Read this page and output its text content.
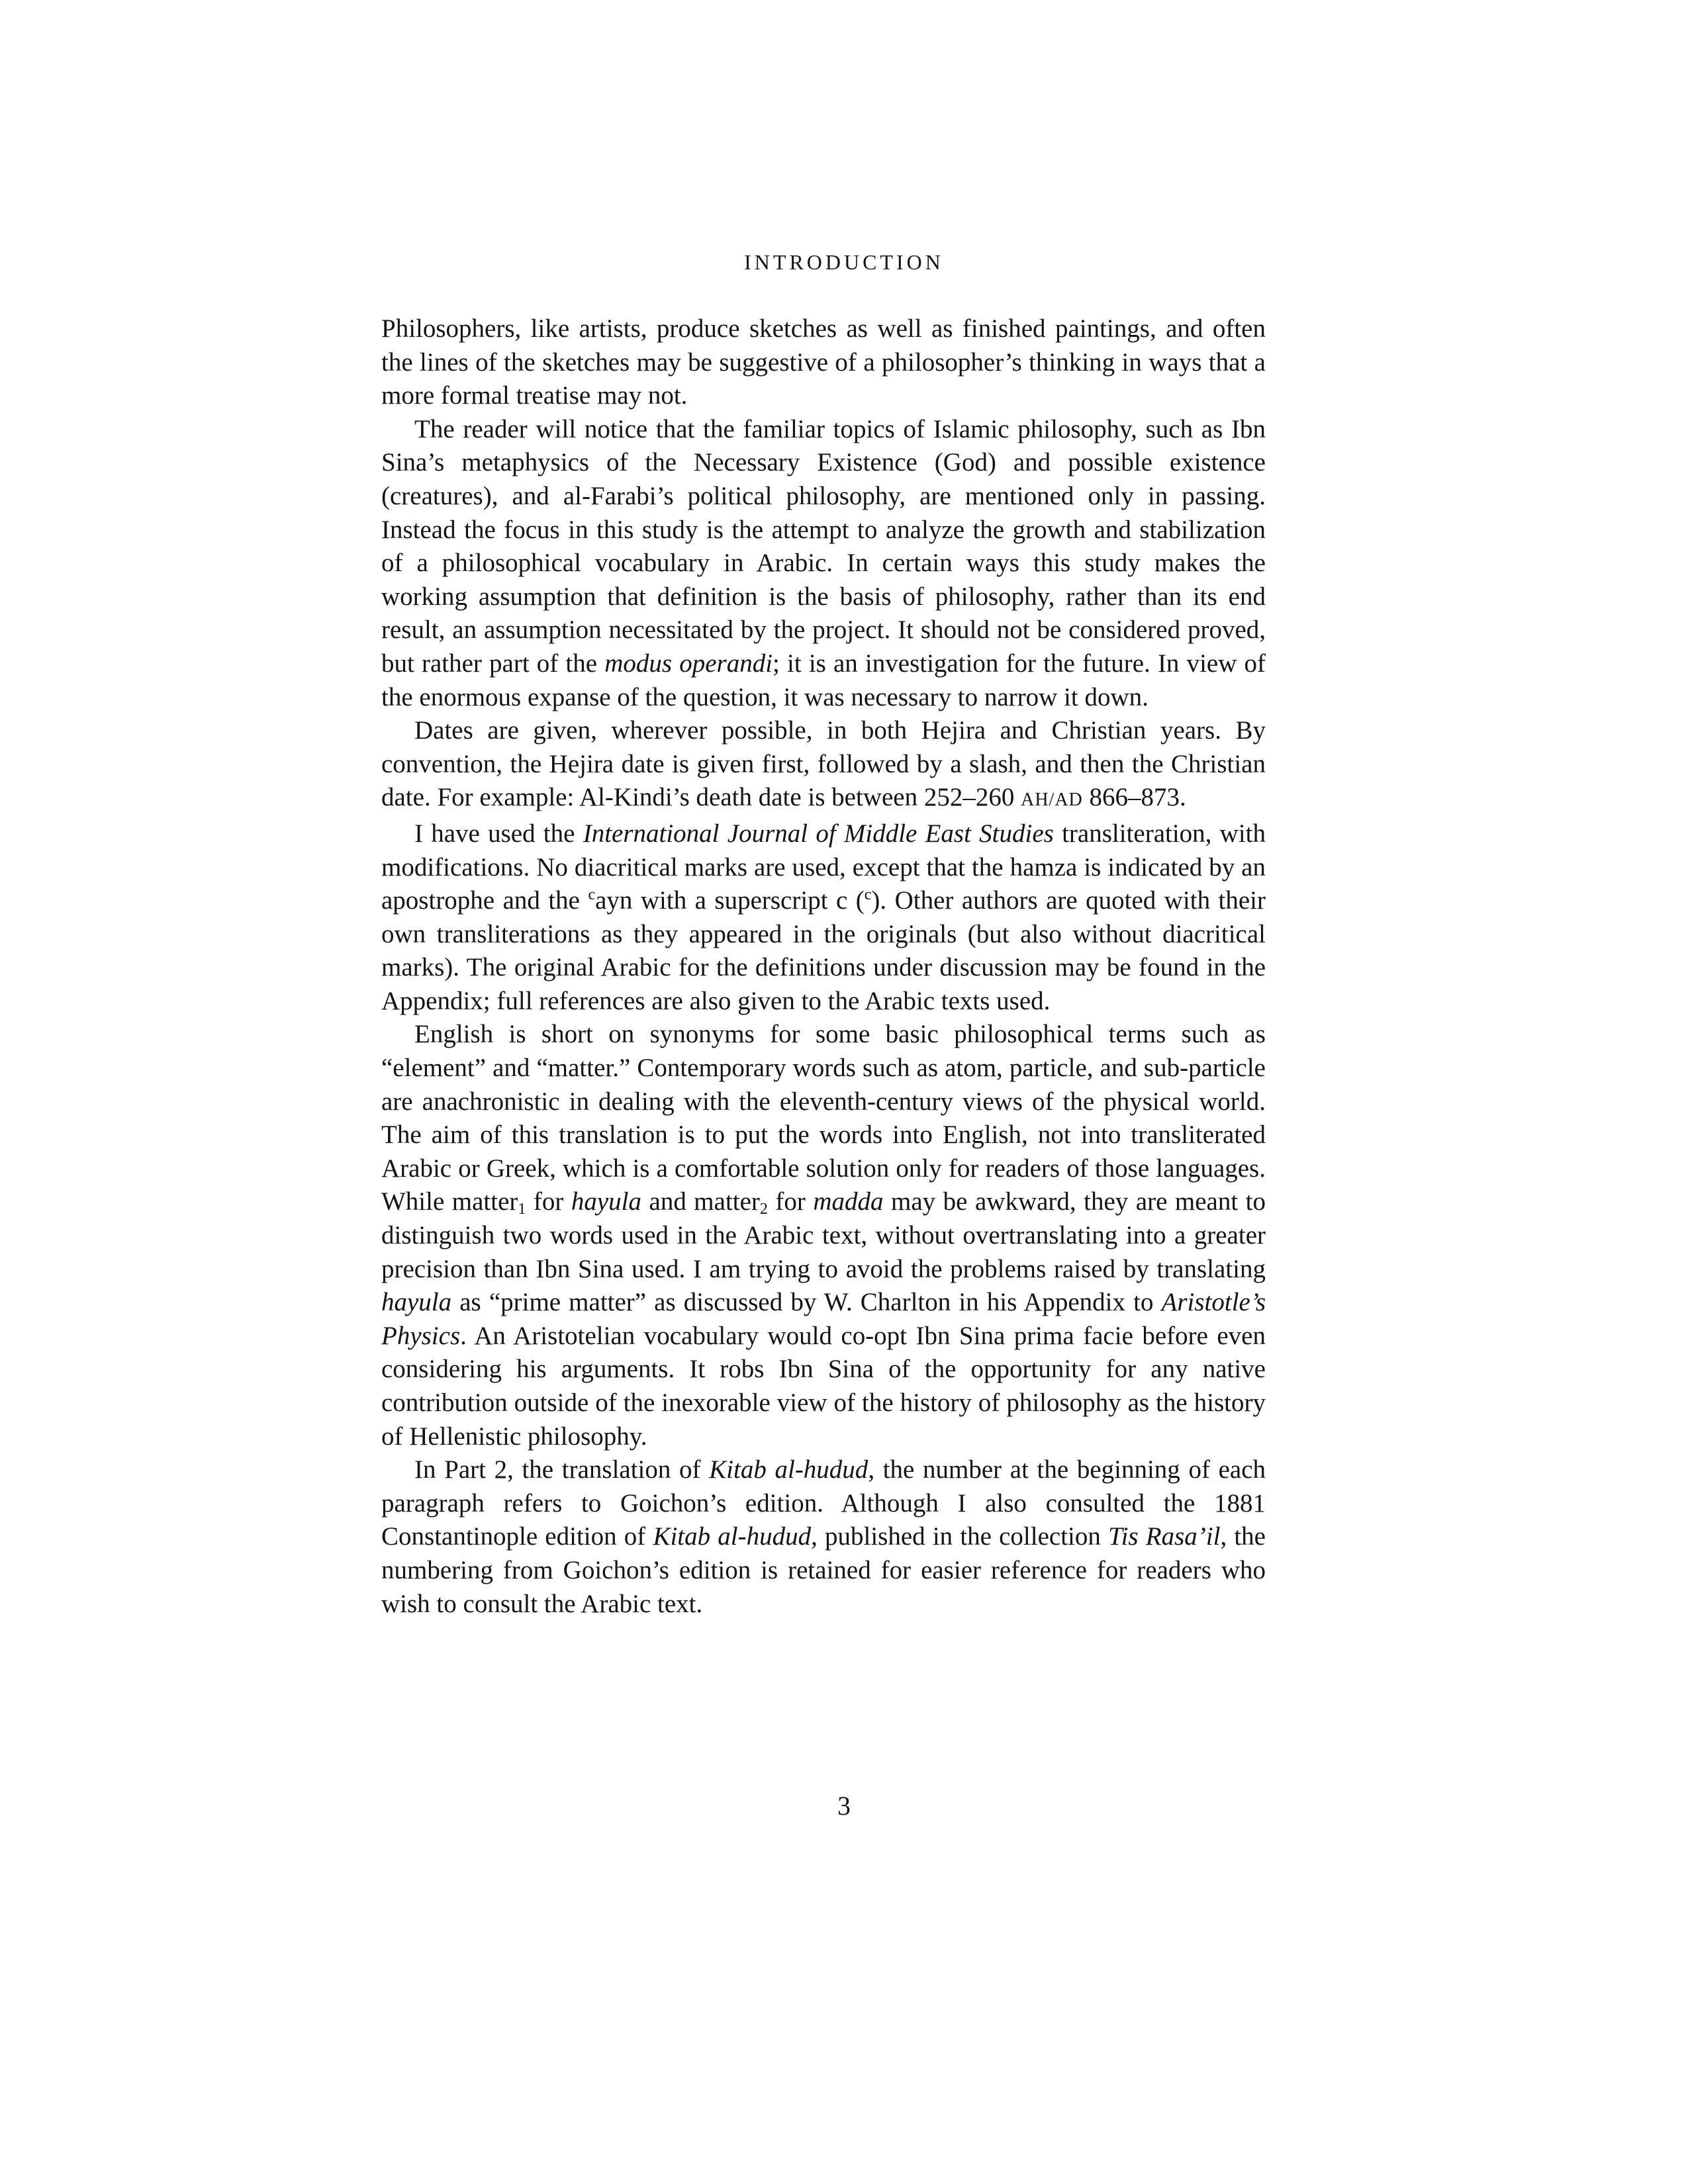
INTRODUCTION

Philosophers, like artists, produce sketches as well as finished paintings, and often the lines of the sketches may be suggestive of a philosopher’s thinking in ways that a more formal treatise may not.

The reader will notice that the familiar topics of Islamic philosophy, such as Ibn Sina’s metaphysics of the Necessary Existence (God) and possible existence (creatures), and al-Farabi’s political philosophy, are mentioned only in passing. Instead the focus in this study is the attempt to analyze the growth and stabilization of a philosophical vocabulary in Arabic. In certain ways this study makes the working assumption that definition is the basis of philosophy, rather than its end result, an assumption necessitated by the project. It should not be considered proved, but rather part of the modus operandi; it is an investigation for the future. In view of the enormous expanse of the question, it was necessary to narrow it down.

Dates are given, wherever possible, in both Hejira and Christian years. By convention, the Hejira date is given first, followed by a slash, and then the Christian date. For example: Al-Kindi’s death date is between 252–260 AH/AD 866–873.

I have used the International Journal of Middle East Studies transliteration, with modifications. No diacritical marks are used, except that the hamza is indicated by an apostrophe and the $^c$ayn with a superscript c ($^c$). Other authors are quoted with their own transliterations as they appeared in the originals (but also without diacritical marks). The original Arabic for the definitions under discussion may be found in the Appendix; full references are also given to the Arabic texts used.

English is short on synonyms for some basic philosophical terms such as “element” and “matter.” Contemporary words such as atom, particle, and sub-particle are anachronistic in dealing with the eleventh-century views of the physical world. The aim of this translation is to put the words into English, not into transliterated Arabic or Greek, which is a comfortable solution only for readers of those languages. While matter$_1$ for hayula and matter$_2$ for madda may be awkward, they are meant to distinguish two words used in the Arabic text, without overtranslating into a greater precision than Ibn Sina used. I am trying to avoid the problems raised by translating hayula as “prime matter” as discussed by W. Charlton in his Appendix to Aristotle’s Physics. An Aristotelian vocabulary would co-opt Ibn Sina prima facie before even considering his arguments. It robs Ibn Sina of the opportunity for any native contribution outside of the inexorable view of the history of philosophy as the history of Hellenistic philosophy.

In Part 2, the translation of Kitab al-hudud, the number at the beginning of each paragraph refers to Goichon’s edition. Although I also consulted the 1881 Constantinople edition of Kitab al-hudud, published in the collection Tis Rasa’il, the numbering from Goichon’s edition is retained for easier reference for readers who wish to consult the Arabic text.

3
